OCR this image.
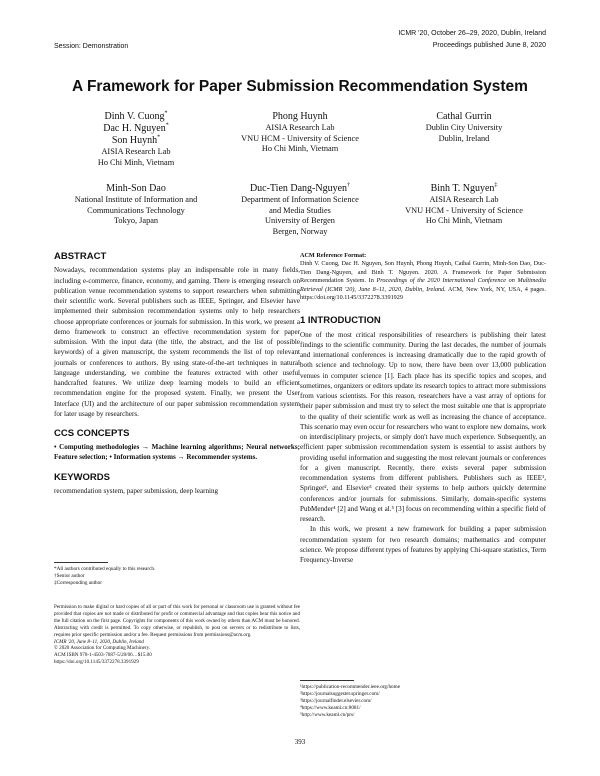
Session: Demonstration
ICMR '20, October 26–29, 2020, Dublin, Ireland
Proceedings published June 8, 2020
A Framework for Paper Submission Recommendation System
Dinh V. Cuong*
Dac H. Nguyen*
Son Huynh*
AISIA Research Lab
Ho Chi Minh, Vietnam
Phong Huynh
AISIA Research Lab
VNU HCM - University of Science
Ho Chi Minh, Vietnam
Cathal Gurrin
Dublin City University
Dublin, Ireland
Minh-Son Dao
National Institute of Information and
Communications Technology
Tokyo, Japan
Duc-Tien Dang-Nguyen†
Department of Information Science
and Media Studies
University of Bergen
Bergen, Norway
Binh T. Nguyen‡
AISIA Research Lab
VNU HCM - University of Science
Ho Chi Minh, Vietnam
ABSTRACT

Nowadays, recommendation systems play an indispensable role in many fields, including e-commerce, finance, economy, and gaming. There is emerging research on publication venue recommendation systems to support researchers when submitting their scientific work. Several publishers such as IEEE, Springer, and Elsevier have implemented their submission recommendation systems only to help researchers choose appropriate conferences or journals for submission. In this work, we present a demo framework to construct an effective recommendation system for paper submission. With the input data (the title, the abstract, and the list of possible keywords) of a given manuscript, the system recommends the list of top relevant journals or conferences to authors. By using state-of-the-art techniques in natural language understanding, we combine the features extracted with other useful handcrafted features. We utilize deep learning models to build an efficient recommendation engine for the proposed system. Finally, we present the User Interface (UI) and the architecture of our paper submission recommendation system for later usage by researchers.

CCS CONCEPTS

• Computing methodologies → Machine learning algorithms; Neural networks; Feature selection; • Information systems → Recommender systems.

KEYWORDS

recommendation system, paper submission, deep learning

*All authors contributed equally to this research.
†Senior author
‡Corresponding author
Permission to make digital or hard copies of all or part of this work for personal or classroom use is granted without fee provided that copies are not made or distributed for profit or commercial advantage and that copies bear this notice and the full citation on the first page. Copyrights for components of this work owned by others than ACM must be honored. Abstracting with credit is permitted. To copy otherwise, or republish, to post on servers or to redistribute to lists, requires prior specific permission and/or a fee. Request permissions from permissions@acm.org.
ICMR '20, June 8–11, 2020, Dublin, Ireland
© 2020 Association for Computing Machinery.
ACM ISBN 978-1-4503-7087-5/20/06…$15.00
https://doi.org/10.1145/3372278.3391929
ACM Reference Format:

Dinh V. Cuong, Dac H. Nguyen, Son Huynh, Phong Huynh, Cathal Gurrin, Minh-Son Dao, Duc-Tien Dang-Nguyen, and Binh T. Nguyen. 2020. A Framework for Paper Submission Recommendation System. In Proceedings of the 2020 International Conference on Multimedia Retrieval (ICMR '20), June 8–11, 2020, Dublin, Ireland. ACM, New York, NY, USA, 4 pages. https://doi.org/10.1145/3372278.3391929

1 INTRODUCTION

One of the most critical responsibilities of researchers is publishing their latest findings to the scientific community. During the last decades, the number of journals and international conferences is increasing dramatically due to the rapid growth of both science and technology. Up to now, there have been over 13,000 publication venues in computer science [1]. Each place has its specific topics and scopes, and sometimes, organizers or editors update its research topics to attract more submissions from various scientists. For this reason, researchers have a vast array of options for their paper submission and must try to select the most suitable one that is appropriate to the quality of their scientific work as well as increasing the chance of acceptance. This scenario may even occur for researchers who want to explore new domains, work on interdisciplinary projects, or simply don't have much experience. Subsequently, an efficient paper submission recommendation system is essential to assist authors by providing useful information and suggesting the most relevant journals or conferences for a given manuscript. Recently, there exists several paper submission recommendation systems from different publishers. Publishers such as IEEE¹, Springer², and Elsevier³ created their systems to help authors quickly determine conferences and/or journals for submissions. Similarly, domain-specific systems PubMender⁴ [2] and Wang et al.⁵ [3] focus on recommending within a specific field of research.

In this work, we present a new framework for building a paper submission recommendation system for two research domains; mathematics and computer science. We propose different types of features by applying Chi-square statistics, Term Frequency-Inverse

¹https://publication-recommender.ieee.org/home
²https://journalsuggester.springer.com/
³https://journalfinder.elsevier.com/
⁴https://www.keaml.cn:8081/
⁵http://www.keaml.cn/prs/
393
